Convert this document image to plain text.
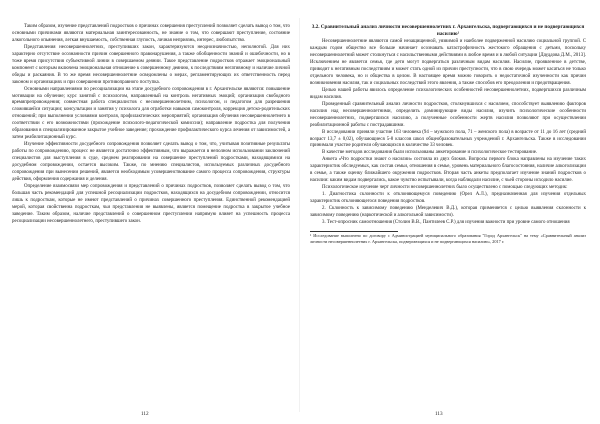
Таким образом, изучение представлений подростков о причинах совершения преступлений позволяет сделать вывод о том, что основными причинами являются материальная заинтересованность, не знание о том, что совершают преступление, состояние алкогольного опьянения, легкая внушаемость, собственная глупость, личная неприязнь, интерес, любопытство.

Представления несовершеннолетних, преступивших закон, характеризуются неоднозначностью, неполнотой. Для них характерно отсутствие осознанности причин совершенного правонарушения, а также обобщенности знаний и ошибочности, но в тоже время присутствия субъективной линии в совершаемом деянии. Такое представление подростков отражает эмоциональный компонент с которым включена эмоциональная отношение к совершенному деянию, к последствиям негативному и наличие личной обиды и раскаяния. В то же время несовершеннолетние осведомлены о мерах, регламентирующих их ответственность перед законом и организациях и при совершении противоправного поступка.

Основными направлениями по ресоциализации на этапе досудебного сопровождения в г. Архангельске являются: повышение мотивации на обучение; курс занятий с психологом, направленный на контроль негативных эмоций; организация свободного времяпрепровождения; совместная работа специалистов с несовершеннолетним, психологом, и педагогом для разрешения сложившейся ситуации; консультации и занятия у психолога для отработки навыков самоконтроля, коррекция детско-родительских отношений; при выполнении условиями контроля, профилактических мероприятий; организация обучения несовершеннолетнего в соответствии с его возможностями (прохождение психолого-педагогической комиссии); направление подростка для получения образования в специализированное закрытое учебное заведение; прохождение профилактического курса лечения от зависимостей, а затем реабилитационный курс.

Изучение эффективности досудебного сопровождения позволяет сделать вывод о том, что, учитывая позитивные результаты работы по сопровождению, процесс не является достаточно эффективным, что выражается в неполном использовании заключений специалистов для выступления в суде, среднем реагировании на совершение преступлений подростками, находящимися на досудебном сопровождении, остается высоким. Также, по мнению специалистов, используемых различных досудебного сопровождения при вынесении решений, является необходимым усовершенствование самого процесса сопровождения, структуры действия, оформления содержания и деления.

Определение взаимосвязи мер сопровождения и представлений о причинах подростков, позволяет сделать вывод о том, что большая часть рекомендаций для успешной ресоциализации подростков, находящихся на досудебном сопровождении, относится лишь к подросткам, которые не имеют представлений о причинах совершенного преступления. Единственной рекомендацией мерой, которая свойственна подросткам, чьи представления не выявлены, является помещение подростка в закрытое учебное заведение. Таким образом, наличие представлений о совершенном преступлении напрямую влияет на успешность процесса ресоциализации несовершеннолетнего, преступившего закон.

112
3.2. Сравнительный анализ личности несовершеннолетних г. Архангельска, подвергающихся и не подвергающихся насилию¹

Несовершеннолетние являются самой незащищенной, уязвимой и наиболее подверженной насилию социальной группой. С каждым годом общество все больше начинает осознавать катастрофичность жестокого обращения с детьми, поскольку несовершеннолетний может столкнуться с насильственными действиями в любое время и в любой ситуации [Дауддова Д.М., 2013]. Исключением не является семья, где дети могут подвергаться различным видам насилия. Насилие, проявленное в детстве, приводит к негативным последствиям и может стать одной из причин преступности, что в свою очередь может касаться не только отдельного человека, но и общества в целом. В настоящее время можно говорить о недостаточной изученности как причин возникновения насилия, так и социальных последствий этого явления, а также способов его преодоления и предотвращения.

Целью нашей работы явилось определение психологических особенностей несовершеннолетних, подвергшихся различным видам насилия.

Проведенный сравнительный анализ личности подростков, столкнувшихся с насилием, способствует выявлению факторов насилия над несовершеннолетними, определить доминирующие виды насилия, изучить психологические особенности несовершеннолетних, подвергшихся насилию, а полученные особенности жертв насилия позволяют при осуществлении реабилитационной работы с пострадавшими.

В исследовании приняли участие 163 человека (94 – мужского пола, 71 – женского пола) в возрасте от 11 до 16 лет (средний возраст 13,7 ± 0,02), обучающиеся 5-8 классов школ общеобразовательных учреждений г. Архангельска. Также в исследовании принимали участие родители обучающихся в количестве 33 человек.

В качестве методов исследования были использованы анкетирование и психологическое тестирование.

Анкета «Что подростки знают о насилии» состояла из двух блоков. Вопросы первого блока направлены на изучение таких характеристик обследуемых, как состав семьи, отношения в семье, уровень материального благосостояния, наличие алкоголизации в семье, а также оценку ближайшего окружения подростков. Вторая часть анкеты предполагает изучение знаний подростков о насилии: каким видам подвергались, какое чувство испытывали, когда наблюдали насилие, с чьей стороны исходило насилие.

Психологическое изучение черт личности несовершеннолетних было осуществлено с помощью следующих методик:

1. Диагностика склонности к отклоняющемуся поведению (Орел А.Л.), предназначенная для изучения отдельных характеристик отклоняющегося поведения подростков.

2. Склонность к зависимому поведению (Менделевич В.Д.), которая применяется с целью выявления склонности к зависимому поведению (наркотической и алкогольной зависимости).

3. Тест-опросник самоотношения (Столин В.В., Пантилеев С.Р.) для изучения важности при уровне самого отношения

¹ Исследование выполнено по договору с Администрацией муниципального образования "Город Архангельск" на тему «Сравнительный анализ личности несовершеннолетних г. Архангельска, подвергающихся и не подвергающихся насилию», 2017 г.

113
